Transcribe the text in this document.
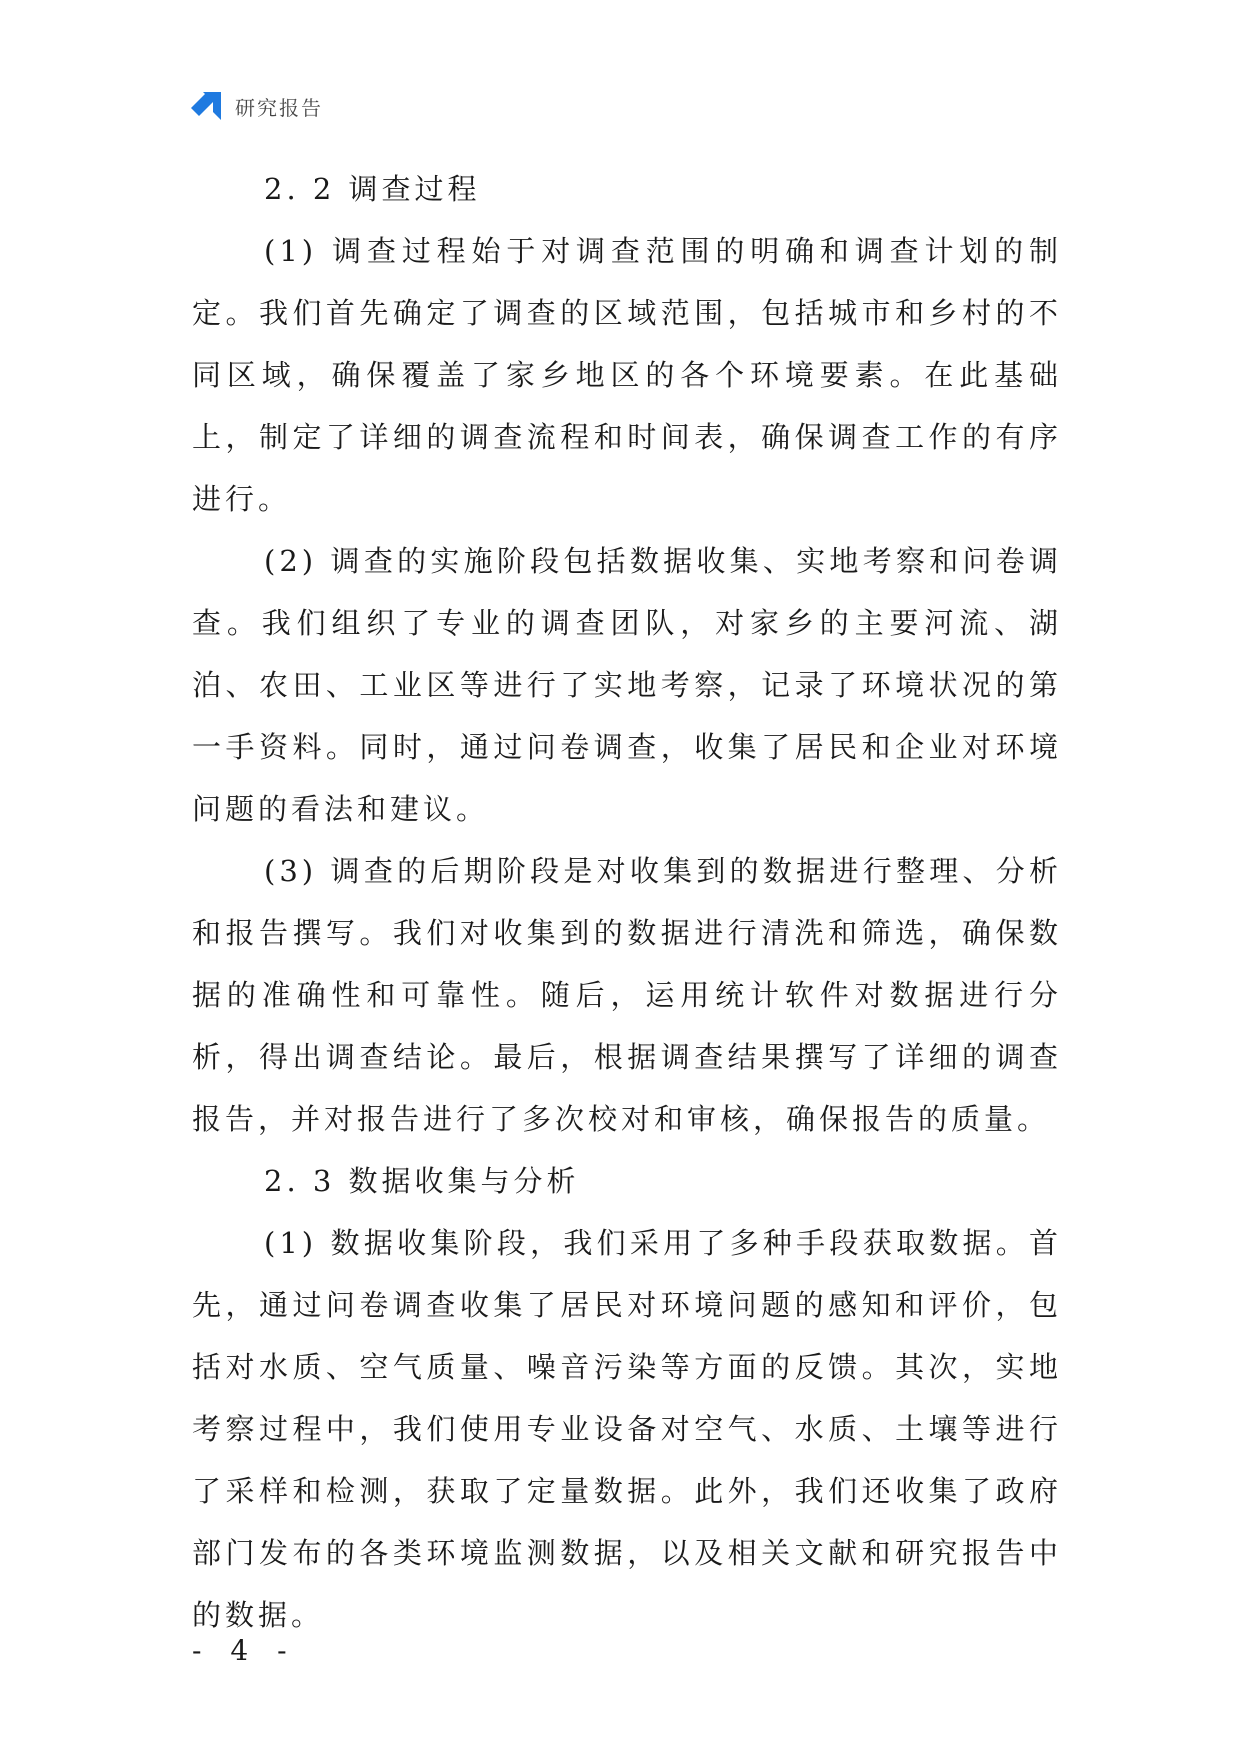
研究报告

2. 2 调查过程

(1) 调查过程始于对调查范围的明确和调查计划的制定。我们首先确定了调查的区域范围，包括城市和乡村的不同区域，确保覆盖了家乡地区的各个环境要素。在此基础上，制定了详细的调查流程和时间表，确保调查工作的有序进行。

(2) 调查的实施阶段包括数据收集、实地考察和问卷调查。我们组织了专业的调查团队，对家乡的主要河流、湖泊、农田、工业区等进行了实地考察，记录了环境状况的第一手资料。同时，通过问卷调查，收集了居民和企业对环境问题的看法和建议。

(3) 调查的后期阶段是对收集到的数据进行整理、分析和报告撰写。我们对收集到的数据进行清洗和筛选，确保数据的准确性和可靠性。随后，运用统计软件对数据进行分析，得出调查结论。最后，根据调查结果撰写了详细的调查报告，并对报告进行了多次校对和审核，确保报告的质量。

2. 3 数据收集与分析

(1) 数据收集阶段，我们采用了多种手段获取数据。首先，通过问卷调查收集了居民对环境问题的感知和评价，包括对水质、空气质量、噪音污染等方面的反馈。其次，实地考察过程中，我们使用专业设备对空气、水质、土壤等进行了采样和检测，获取了定量数据。此外，我们还收集了政府部门发布的各类环境监测数据，以及相关文献和研究报告中的数据。

- 4 -
